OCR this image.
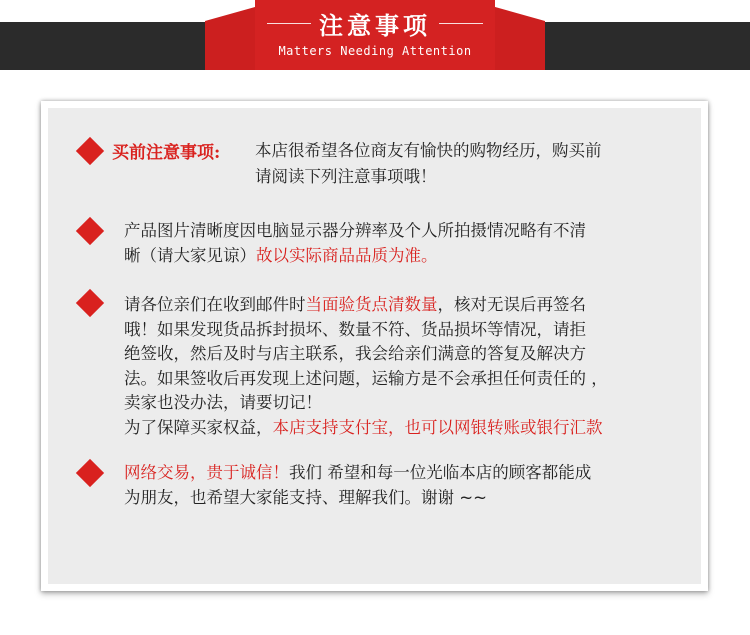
注意事项
Matters Needing Attention
买前注意事项: 本店很希望各位商友有愉快的购物经历，购买前
请阅读下列注意事项哦！
产品图片清晰度因电脑显示器分辨率及个人所拍摄情况略有不清
晰（请大家见谅）故以实际商品品质为准。
请各位亲们在收到邮件时当面验货点清数量，核对无误后再签名
哦！如果发现货品拆封损坏、数量不符、货品损坏等情况，请拒
绝签收，然后及时与店主联系，我会给亲们满意的答复及解决方
法。如果签收后再发现上述问题，运输方是不会承担任何责任的 ，
卖家也没办法，请要切记！
为了保障买家权益，本店支持支付宝，也可以网银转账或银行汇款
网络交易，贵于诚信！我们 希望和每一位光临本店的顾客都能成
为朋友，也希望大家能支持、理解我们。谢谢 ~~
